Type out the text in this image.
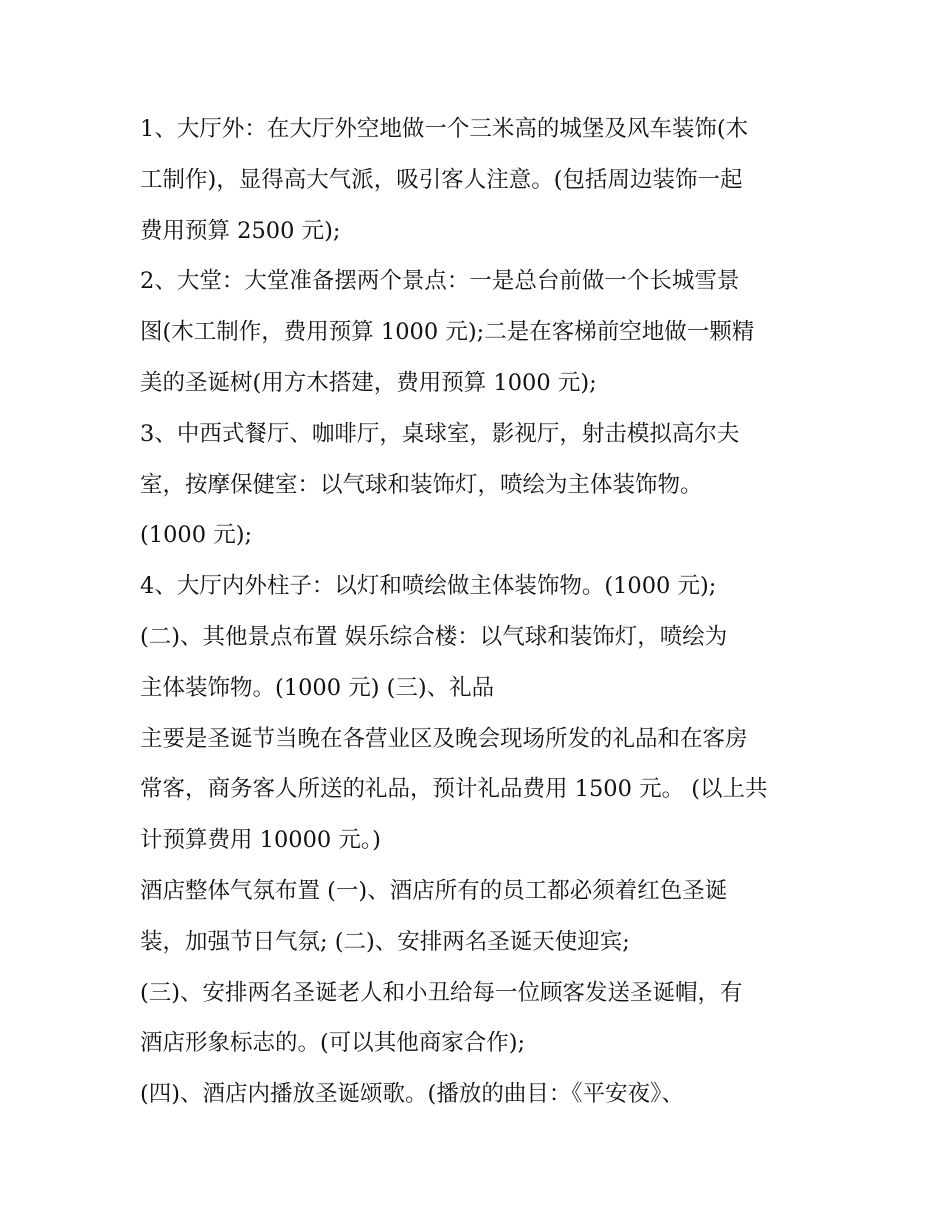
1、大厅外：在大厅外空地做一个三米高的城堡及风车装饰(木
工制作)，显得高大气派，吸引客人注意。(包括周边装饰一起
费用预算 2500 元);
2、大堂：大堂准备摆两个景点：一是总台前做一个长城雪景
图(木工制作，费用预算 1000 元);二是在客梯前空地做一颗精
美的圣诞树(用方木搭建，费用预算 1000 元);
3、中西式餐厅、咖啡厅，桌球室，影视厅，射击模拟高尔夫
室，按摩保健室：以气球和装饰灯，喷绘为主体装饰物。
(1000 元);
4、大厅内外柱子：以灯和喷绘做主体装饰物。(1000 元);
(二)、其他景点布置 娱乐综合楼：以气球和装饰灯，喷绘为
主体装饰物。(1000 元) (三)、礼品
主要是圣诞节当晚在各营业区及晚会现场所发的礼品和在客房
常客，商务客人所送的礼品，预计礼品费用 1500 元。 (以上共
计预算费用 10000 元。)
酒店整体气氛布置 (一)、酒店所有的员工都必须着红色圣诞
装，加强节日气氛; (二)、安排两名圣诞天使迎宾;
(三)、安排两名圣诞老人和小丑给每一位顾客发送圣诞帽，有
酒店形象标志的。(可以其他商家合作);
(四)、酒店内播放圣诞颂歌。(播放的曲目：《平安夜》、
